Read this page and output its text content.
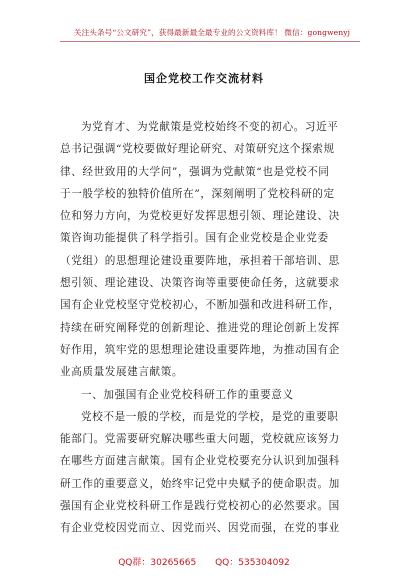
关注头条号“公文研究”，获得最新最全最专业的公文资料库！ 微信：gongwenyj
国企党校工作交流材料
为党育才、为党献策是党校始终不变的初心。习近平
总书记强调“党校要做好理论研究、对策研究这个探索规
律、经世致用的大学问”，强调为党献策“也是党校不同
于一般学校的独特价值所在”，深刻阐明了党校科研的定
位和努力方向，为党校更好发挥思想引领、理论建设、决
策咨询功能提供了科学指引。国有企业党校是企业党委
（党组）的思想理论建设重要阵地，承担着干部培训、思
想引领、理论建设、决策咨询等重要使命任务，这就要求
国有企业党校坚守党校初心，不断加强和改进科研工作，
持续在研究阐释党的创新理论、推进党的理论创新上发挥
好作用，筑牢党的思想理论建设重要阵地，为推动国有企
业高质量发展建言献策。
一、加强国有企业党校科研工作的重要意义
党校不是一般的学校，而是党的学校，是党的重要职
能部门。党需要研究解决哪些重大问题，党校就应该努力
在哪些方面建言献策。国有企业党校要充分认识到加强科
研工作的重要意义，始终牢记党中央赋予的使命职责。加
强国有企业党校科研工作是践行党校初心的必然要求。国
有企业党校因党而立、因党而兴、因党而强，在党的事业
QQ群：30265665 QQ：535304092
